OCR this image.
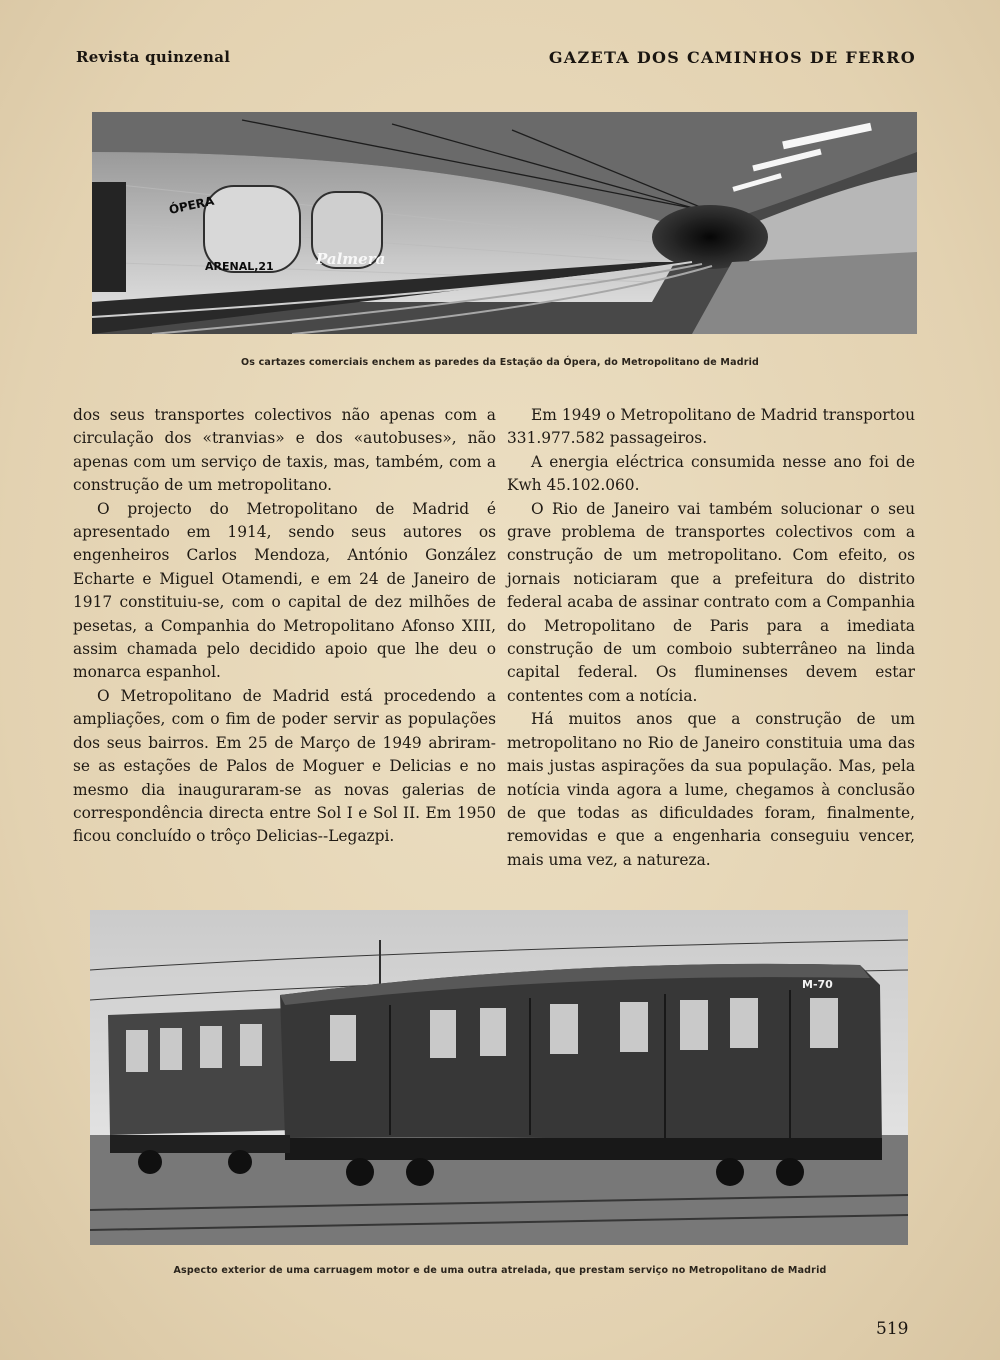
Revista quinzenal	GAZETA DOS CAMINHOS DE FERRO
ÓPERA
ARENAL,21	Palmera
Os cartazes comerciais enchem as paredes da Estação da Ópera, do Metropolitano de Madrid

dos seus transportes colectivos não apenas com a circulação dos «tranvias» e dos «autobuses», não apenas com um serviço de taxis, mas, também, com a construção de um metropolitano.

O projecto do Metropolitano de Madrid é apresentado em 1914, sendo seus autores os engenheiros Carlos Mendoza, António González Echarte e Miguel Otamendi, e em 24 de Janeiro de 1917 constituiu-se, com o capital de dez milhões de pesetas, a Companhia do Metropolitano Afonso XIII, assim chamada pelo decidido apoio que lhe deu o monarca espanhol.

O Metropolitano de Madrid está procedendo a ampliações, com o fim de poder servir as populações dos seus bairros. Em 25 de Março de 1949 abriram-se as estações de Palos de Moguer e Delicias e no mesmo dia inauguraram-se as novas galerias de correspondência directa entre Sol I e Sol II. Em 1950 ficou concluído o trôço Delicias--Legazpi.

Em 1949 o Metropolitano de Madrid transportou 331.977.582 passageiros.

A energia eléctrica consumida nesse ano foi de Kwh 45.102.060.

O Rio de Janeiro vai também solucionar o seu grave problema de transportes colectivos com a construção de um metropolitano. Com efeito, os jornais noticiaram que a prefeitura do distrito federal acaba de assinar contrato com a Companhia do Metropolitano de Paris para a imediata construção de um comboio subterrâneo na linda capital federal. Os fluminenses devem estar contentes com a notícia.

Há muitos anos que a construção de um metropolitano no Rio de Janeiro constituia uma das mais justas aspirações da sua população. Mas, pela notícia vinda agora a lume, chegamos à conclusão de que todas as dificuldades foram, finalmente, removidas e que a engenharia conseguiu vencer, mais uma vez, a natureza.

M-70
Aspecto exterior de uma carruagem motor e de uma outra atrelada, que prestam serviço no Metropolitano de Madrid
519
